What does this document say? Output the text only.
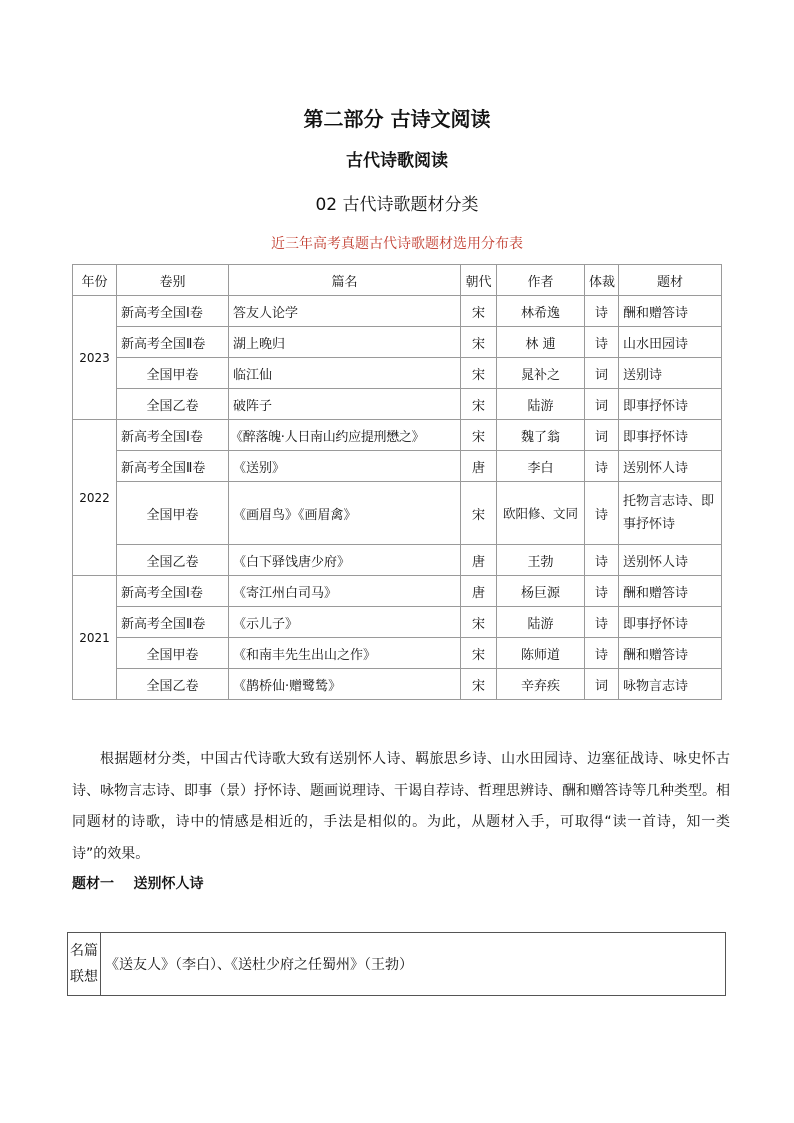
第二部分 古诗文阅读
古代诗歌阅读
02 古代诗歌题材分类
近三年高考真题古代诗歌题材选用分布表
年份	卷别	篇名	朝代	作者	体裁	题材
2023	新高考全国Ⅰ卷	答友人论学	宋	林希逸	诗	酬和赠答诗
	新高考全国Ⅱ卷	湖上晚归	宋	林 逋	诗	山水田园诗
	全国甲卷	临江仙	宋	晁补之	词	送别诗
	全国乙卷	破阵子	宋	陆游	词	即事抒怀诗
2022	新高考全国Ⅰ卷	《醉落魄·人日南山约应提刑懋之》	宋	魏了翁	词	即事抒怀诗
	新高考全国Ⅱ卷	《送别》	唐	李白	诗	送别怀人诗
	全国甲卷	《画眉鸟》《画眉禽》	宋	欧阳修、文同	诗	托物言志诗、即事抒怀诗
	全国乙卷	《白下驿饯唐少府》	唐	王勃	诗	送别怀人诗
2021	新高考全国Ⅰ卷	《寄江州白司马》	唐	杨巨源	诗	酬和赠答诗
	新高考全国Ⅱ卷	《示儿子》	宋	陆游	诗	即事抒怀诗
	全国甲卷	《和南丰先生出山之作》	宋	陈师道	诗	酬和赠答诗
	全国乙卷	《鹊桥仙·赠鹭鸶》	宋	辛弃疾	词	咏物言志诗
根据题材分类，中国古代诗歌大致有送别怀人诗、羁旅思乡诗、山水田园诗、边塞征战诗、咏史怀古诗、咏物言志诗、即事（景）抒怀诗、题画说理诗、干谒自荐诗、哲理思辨诗、酬和赠答诗等几种类型。相同题材的诗歌，诗中的情感是相近的，手法是相似的。为此，从题材入手，可取得“读一首诗，知一类诗”的效果。
题材一    送别怀人诗
名篇联想	《送友人》（李白）、《送杜少府之任蜀州》（王勃）
